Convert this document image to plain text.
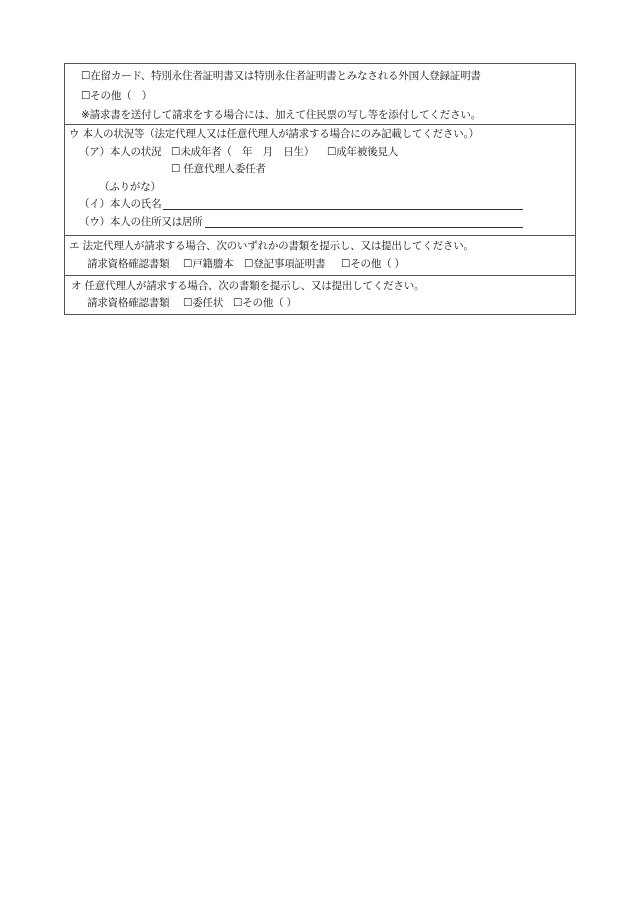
☐在留カード、特別永住者証明書又は特別永住者証明書とみなされる外国人登録証明書
☐その他（　）
※請求書を送付して請求をする場合には、加えて住民票の写し等を添付してください。
ウ 本人の状況等（法定代理人又は任意代理人が請求する場合にのみ記載してください。）
（ア）本人の状況 ☐未成年者（　年　月　日生） ☐成年被後見人
☐ 任意代理人委任者
（ふりがな）
（イ）本人の氏名
（ウ）本人の住所又は居所
エ 法定代理人が請求する場合、次のいずれかの書類を提示し、又は提出してください。
請求資格確認書類 ☐戸籍謄本 ☐登記事項証明書 ☐その他（ ）
オ 任意代理人が請求する場合、次の書類を提示し、又は提出してください。
請求資格確認書類 ☐委任状 ☐その他（ ）
